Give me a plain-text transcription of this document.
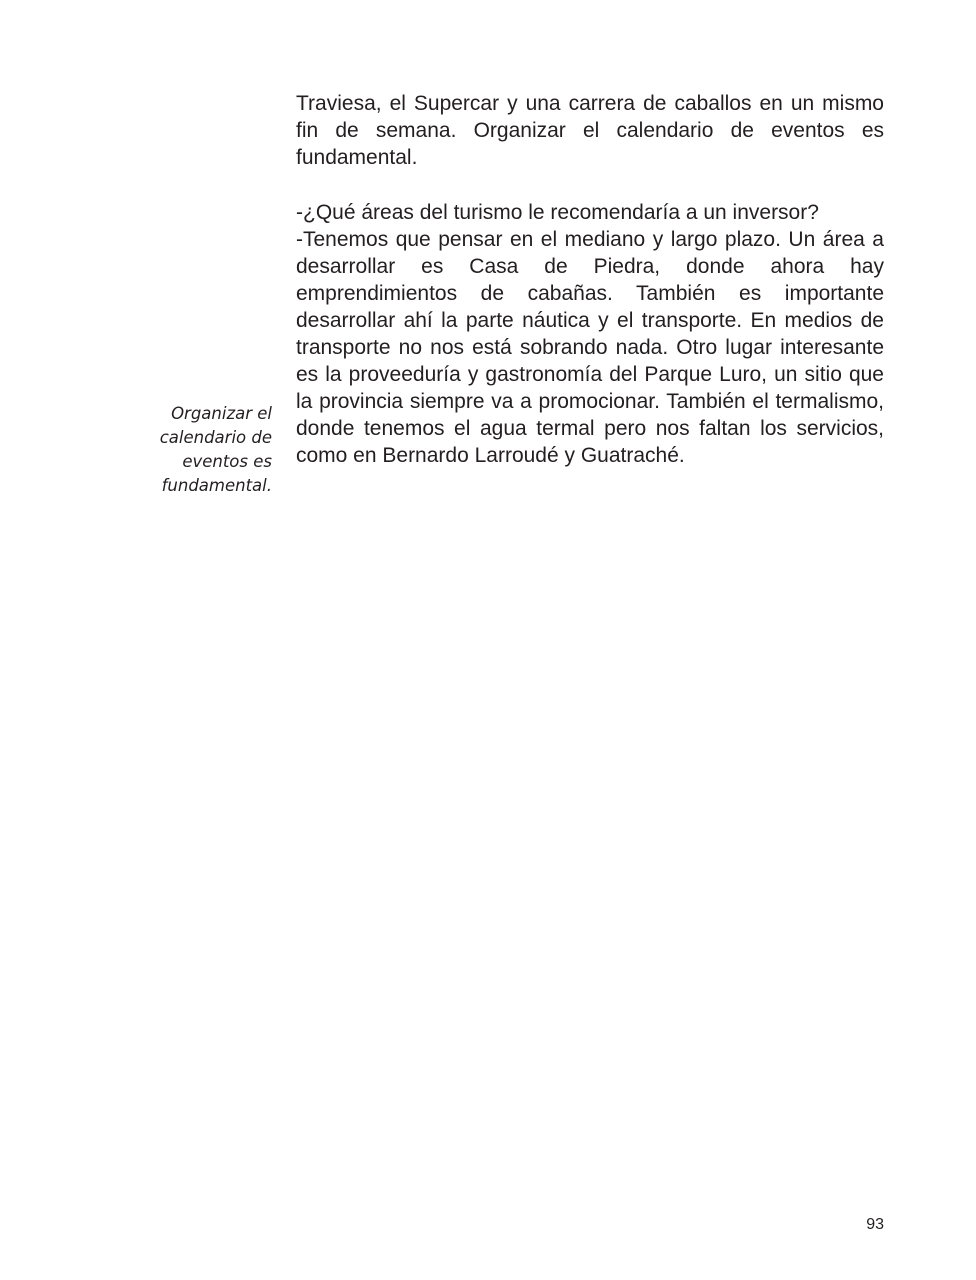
Traviesa, el Supercar y una carrera de caballos en un mismo fin de semana. Organizar el calendario de eventos es fundamental.

-¿Qué áreas del turismo le recomendaría a un inversor?

-Tenemos que pensar en el mediano y largo plazo. Un área a desarrollar es Casa de Piedra, donde ahora hay emprendimientos de cabañas. También es importante desarrollar ahí la parte náutica y el transporte. En medios de transporte no nos está sobrando nada. Otro lugar interesante es la proveeduría y gastronomía del Parque Luro, un sitio que la provincia siempre va a promocionar. También el termalismo, donde tenemos el agua termal pero nos faltan los servicios, como en Bernardo Larroudé y Guatraché.

Organizar el
calendario de
eventos es
fundamental.
93
